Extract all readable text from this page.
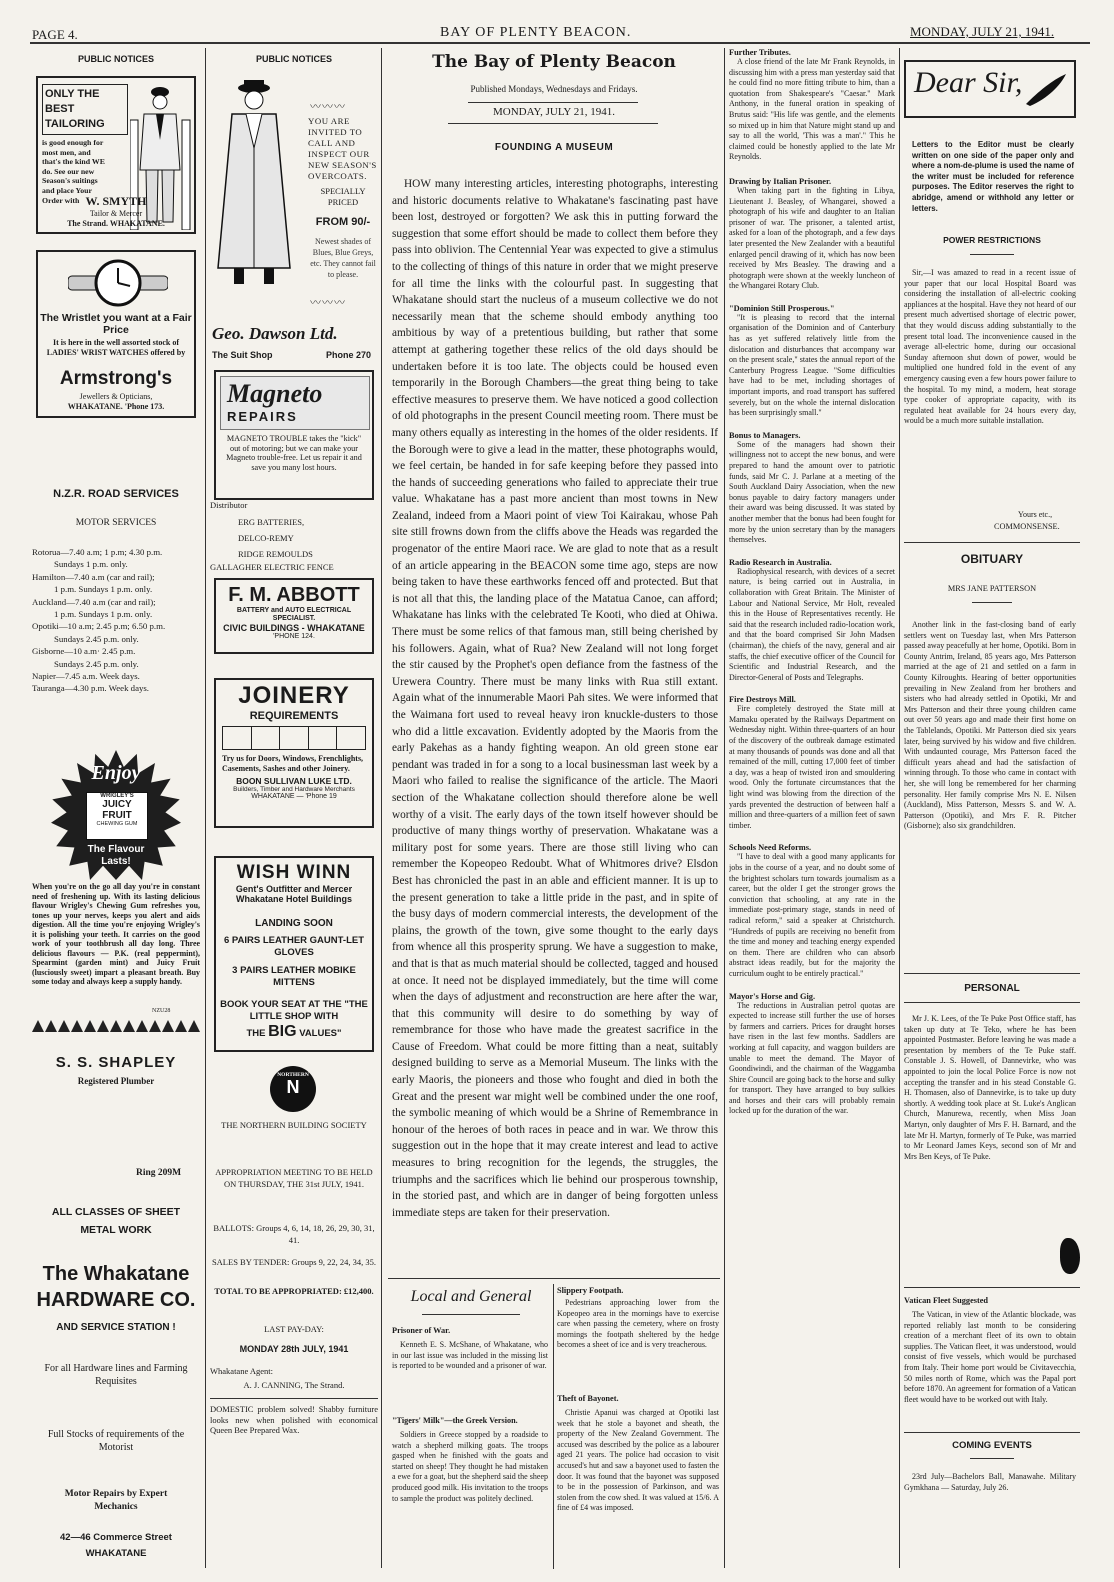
PAGE 4.	BAY OF PLENTY BEACON.	MONDAY, JULY 21, 1941.
PUBLIC NOTICES
ONLY THE
BEST
TAILORING
is good enough for most men, and that's the kind WE do. See our new Season's suitings and place Your Order with W. SMYTH
Tailor & Mercer
The Strand. WHAKATANE.
The Wristlet you want at a Fair Price
It is here in the well assorted stock of LADIES' WRIST WATCHES offered by
Armstrong's
Jewellers & Opticians,
WHAKATANE. 'Phone 173.
N.Z.R. ROAD SERVICES
MOTOR SERVICES
Rotorua—7.40 a.m; 1 p.m; 4.30 p.m.
Sundays 1 p.m. only.
Hamilton—7.40 a.m (car and rail);
1 p.m. Sundays 1 p.m. only.
Auckland—7.40 a.m (car and rail);
1 p.m. Sundays 1 p.m. only.
Opotiki—10 a.m; 2.45 p.m; 6.50 p.m.
Sundays 2.45 p.m. only.
Gisborne—10 a.m· 2.45 p.m.
Sundays 2.45 p.m. only.
Napier—7.45 a.m. Week days.
Tauranga—4.30 p.m. Week days.
Enjoy
WRIGLEY'S
JUICY FRUIT
CHEWING GUM
The Flavour Lasts!
When you're on the go all day you're in constant need of freshening up. With its lasting delicious flavour Wrigley's Chewing Gum refreshes you, tones up your nerves, keeps you alert and aids digestion. All the time you're enjoying Wrigley's it is polishing your teeth. It carries on the good work of your toothbrush all day long. Three delicious flavours — P.K. (real peppermint), Spearmint (garden mint) and Juicy Fruit (lusciously sweet) impart a pleasant breath. Buy some today and always keep a supply handy.
NZU28
S. S. SHAPLEY
Registered Plumber
Ring 209M
ALL CLASSES OF SHEET
METAL WORK
The Whakatane
HARDWARE CO.
AND SERVICE STATION !
For all Hardware lines and Farming Requisites
Full Stocks of requirements of the Motorist
Motor Repairs by Expert Mechanics
42—46 Commerce Street
WHAKATANE
PUBLIC NOTICES
〰〰〰
YOU ARE INVITED TO CALL AND INSPECT OUR NEW SEASON'S OVERCOATS.
SPECIALLY PRICED
FROM 90/-
Newest shades of Blues, Blue Greys, etc. They cannot fail to please.
〰〰〰
Geo. Dawson Ltd.
The Suit Shop	Phone 270
Magneto
REPAIRS
MAGNETO TROUBLE takes the "kick" out of motoring; but we can make your Magneto trouble-free. Let us repair it and save you many lost hours.
Distributor
ERG BATTERIES,
DELCO-REMY
RIDGE REMOULDS
GALLAGHER ELECTRIC FENCE
F. M. ABBOTT
BATTERY and AUTO ELECTRICAL SPECIALIST.
CIVIC BUILDINGS - WHAKATANE
'PHONE 124.
JOINERY
REQUIREMENTS
Try us for Doors, Windows, Frenchlights, Casements, Sashes and other Joinery.
BOON SULLIVAN LUKE LTD.
Builders, Timber and Hardware Merchants
WHAKATANE — 'Phone 19
WISH WINN
Gent's Outfitter and Mercer
Whakatane Hotel Buildings
LANDING SOON
6 PAIRS LEATHER GAUNT-LET GLOVES
3 PAIRS LEATHER MOBIKE MITTENS
BOOK YOUR SEAT AT THE "THE LITTLE SHOP WITH
THE BIG VALUES"
NORTHERN
N
THE NORTHERN BUILDING SOCIETY
APPROPRIATION MEETING TO BE HELD ON THURSDAY, THE 31st JULY, 1941.
BALLOTS: Groups 4, 6, 14, 18, 26, 29, 30, 31, 41.
SALES BY TENDER: Groups 9, 22, 24, 34, 35.
TOTAL TO BE APPROPRIATED: £12,400.
LAST PAY-DAY:
MONDAY 28th JULY, 1941
Whakatane Agent:
A. J. CANNING, The Strand.
DOMESTIC problem solved! Shabby furniture looks new when polished with economical Queen Bee Prepared Wax.
The Bay of Plenty Beacon
Published Mondays, Wednesdays and Fridays.
MONDAY, JULY 21, 1941.
FOUNDING A MUSEUM
HOW many interesting articles, interesting photographs, interesting and historic documents relative to Whakatane's fascinating past have been lost, destroyed or forgotten? We ask this in putting forward the suggestion that some effort should be made to collect them before they pass into oblivion. The Centennial Year was expected to give a stimulus to the collecting of things of this nature in order that we might preserve for all time the links with the colourful past. In suggesting that Whakatane should start the nucleus of a museum collective we do not necessarily mean that the scheme should embody anything too ambitious by way of a pretentious building, but rather that some attempt at gathering together these relics of the old days should be undertaken before it is too late. The objects could be housed even temporarily in the Borough Chambers—the great thing being to take effective measures to preserve them. We have noticed a good collection of old photographs in the present Council meeting room. There must be many others equally as interesting in the homes of the older residents. If the Borough were to give a lead in the matter, these photographs would, we feel certain, be handed in for safe keeping before they passed into the hands of succeeding generations who failed to appreciate their true value. Whakatane has a past more ancient than most towns in New Zealand, indeed from a Maori point of view Toi Kairakau, whose Pah site still frowns down from the cliffs above the Heads was regarded the progenator of the entire Maori race. We are glad to note that as a result of an article appearing in the BEACON some time ago, steps are now being taken to have these earthworks fenced off and protected. But that is not all that this, the landing place of the Matatua Canoe, can afford; Whakatane has links with the celebrated Te Kooti, who died at Ohiwa. There must be some relics of that famous man, still being cherished by his followers. Again, what of Rua? New Zealand will not long forget the stir caused by the Prophet's open defiance from the fastness of the Urewera Country. There must be many links with Rua still extant. Again what of the innumerable Maori Pah sites. We were informed that the Waimana fort used to reveal heavy iron knuckle-dusters to those who did a little excavation. Evidently adopted by the Maoris from the early Pakehas as a handy fighting weapon. An old green stone ear pendant was traded in for a song to a local businessman last week by a Maori who failed to realise the significance of the article. The Maori section of the Whakatane collection should therefore alone be well worthy of a visit. The early days of the town itself however should be productive of many things worthy of preservation. Whakatane was a military post for some years. There are those still living who can remember the Kopeopeo Redoubt. What of Whitmores drive? Elsdon Best has chronicled the past in an able and efficient manner. It is up to the present generation to take a little pride in the past, and in spite of the busy days of modern commercial interests, the development of the plains, the growth of the town, give some thought to the early days from whence all this prosperity sprung. We have a suggestion to make, and that is that as much material should be collected, tagged and housed at once. It need not be displayed immediately, but the time will come when the days of adjustment and reconstruction are here after the war, that this community will desire to do something by way of remembrance for those who have made the greatest sacrifice in the Cause of Freedom. What could be more fitting than a neat, suitably designed building to serve as a Memorial Museum. The links with the early Maoris, the pioneers and those who fought and died in both the Great and the present war might well be combined under the one roof, the symbolic meaning of which would be a Shrine of Remembrance in honour of the heroes of both races in peace and in war. We throw this suggestion out in the hope that it may create interest and lead to active measures to bring recognition for the legends, the struggles, the triumphs and the sacrifices which lie behind our prosperous township, in the storied past, and which are in danger of being forgotten unless immediate steps are taken for their preservation.
Local and General
Prisoner of War.
Kenneth E. S. McShane, of Whakatane, who in our last issue was included in the missing list is reported to be wounded and a prisoner of war.
"Tigers' Milk"—the Greek Version.
Soldiers in Greece stopped by a roadside to watch a shepherd milking goats. The troops gasped when he finished with the goats and started on sheep! They thought he had mistaken a ewe for a goat, but the shepherd said the sheep produced good milk. His invitation to the troops to sample the product was politely declined.
Slippery Footpath.
Pedestrians approaching lower from the Kopeopeo area in the mornings have to exercise care when passing the cemetery, where on frosty mornings the footpath sheltered by the hedge becomes a sheet of ice and is very treacherous.
Theft of Bayonet.
Christie Apanui was charged at Opotiki last week that he stole a bayonet and sheath, the property of the New Zealand Government. The accused was described by the police as a labourer aged 21 years. The police had occasion to visit accused's hut and saw a bayonet used to fasten the door. It was found that the bayonet was supposed to be in the possession of Parkinson, and was stolen from the cow shed. It was valued at 15/6. A fine of £4 was imposed.
Further Tributes.
A close friend of the late Mr Frank Reynolds, in discussing him with a press man yesterday said that he could find no more fitting tribute to him, than a quotation from Shakespeare's "Caesar." Mark Anthony, in the funeral oration in speaking of Brutus said: "His life was gentle, and the elements so mixed up in him that Nature might stand up and say to all the world, 'This was a man'." This he claimed could be honestly applied to the late Mr Reynolds.
Drawing by Italian Prisoner.
When taking part in the fighting in Libya, Lieutenant J. Beasley, of Whangarei, showed a photograph of his wife and daughter to an Italian prisoner of war. The prisoner, a talented artist, asked for a loan of the photograph, and a few days later presented the New Zealander with a beautiful enlarged pencil drawing of it, which has now been received by Mrs Beasley. The drawing and a photograph were shown at the weekly luncheon of the Whangarei Rotary Club.
"Dominion Still Prosperous."
"It is pleasing to record that the internal organisation of the Dominion and of Canterbury has as yet suffered relatively little from the dislocation and disturbances that accompany war on the present scale," states the annual report of the Canterbury Progress League. "Some difficulties have had to be met, including shortages of important imports, and road transport has suffered severely, but on the whole the internal dislocation has been surprisingly small."
Bonus to Managers.
Some of the managers had shown their willingness not to accept the new bonus, and were prepared to hand the amount over to patriotic funds, said Mr C. J. Parlane at a meeting of the South Auckland Dairy Association, when the new bonus payable to dairy factory managers under their award was being discussed. It was stated by another member that the bonus had been fought for more by the union secretary than by the managers themselves.
Radio Research in Australia.
Radiophysical research, with devices of a secret nature, is being carried out in Australia, in collaboration with Great Britain. The Minister of Labour and National Service, Mr Holt, revealed this in the House of Representatives recently. He said that the research included radio-location work, and that the board comprised Sir John Madsen (chairman), the chiefs of the navy, general and air staffs, the chief executive officer of the Council for Scientific and Industrial Research, and the Director-General of Posts and Telegraphs.
Fire Destroys Mill.
Fire completely destroyed the State mill at Mamaku operated by the Railways Department on Wednesday night. Within three-quarters of an hour of the discovery of the outbreak damage estimated at many thousands of pounds was done and all that remained of the mill, cutting 17,000 feet of timber a day, was a heap of twisted iron and smouldering wood. Only the fortunate circumstances that the light wind was blowing from the direction of the yards prevented the destruction of between half a million and three-quarters of a million feet of sawn timber.
Schools Need Reforms.
"I have to deal with a good many applicants for jobs in the course of a year, and no doubt some of the brightest scholars turn towards journalism as a career, but the older I get the stronger grows the conviction that schooling, at any rate in the immediate post-primary stage, stands in need of radical reform," said a speaker at Christchurch. "Hundreds of pupils are receiving no benefit from the time and money and teaching energy expended on them. There are children who can absorb abstract ideas readily, but for the majority the curriculum ought to be entirely practical."
Mayor's Horse and Gig.
The reductions in Australian petrol quotas are expected to increase still further the use of horses by farmers and carriers. Prices for draught horses have risen in the last few months. Saddlers are working at full capacity, and waggon builders are unable to meet the demand. The Mayor of Goondiwindi, and the chairman of the Waggamba Shire Council are going back to the horse and sulky for transport. They have arranged to buy sulkies and horses and their cars will probably remain locked up for the duration of the war.
Dear Sir,
Letters to the Editor must be clearly written on one side of the paper only and where a nom-de-plume is used the name of the writer must be included for reference purposes. The Editor reserves the right to abridge, amend or withhold any letter or letters.
POWER RESTRICTIONS
Sir,—I was amazed to read in a recent issue of your paper that our local Hospital Board was considering the installation of all-electric cooking appliances at the hospital. Have they not heard of our present much advertised shortage of electric power, that they would discuss adding substantially to the present total load. The inconvenience caused in the average all-electric home, during our occasional Sunday afternoon shut down of power, would be multiplied one hundred fold in the event of any emergency causing even a few hours power failure to the hospital. To my mind, a modern, heat storage type cooker of appropriate capacity, with its regulated heat available for 24 hours every day, would be a much more suitable installation.
Yours etc.,
COMMONSENSE.
OBITUARY
MRS JANE PATTERSON
Another link in the fast-closing band of early settlers went on Tuesday last, when Mrs Patterson passed away peacefully at her home, Opotiki. Born in County Antrim, Ireland, 85 years ago, Mrs Patterson married at the age of 21 and settled on a farm in County Kilroughts. Hearing of better opportunities prevailing in New Zealand from her brothers and sisters who had already settled in Opotiki, Mr and Mrs Patterson and their three young children came out over 50 years ago and made their first home on the Tablelands, Opotiki. Mr Patterson died six years later, being survived by his widow and five children. With undaunted courage, Mrs Patterson faced the difficult years ahead and had the satisfaction of winning through. To those who came in contact with her, she will long be remembered for her charming personality. Her family comprise Mrs N. E. Nilsen (Auckland), Miss Patterson, Messrs S. and W. A. Patterson (Opotiki), and Mrs F. R. Pitcher (Gisborne); also six grandchildren.
PERSONAL
Mr J. K. Lees, of the Te Puke Post Office staff, has taken up duty at Te Teko, where he has been appointed Postmaster. Before leaving he was made a presentation by members of the Te Puke staff. Constable J. S. Howell, of Dannevirke, who was appointed to join the local Police Force is now not accepting the transfer and in his stead Constable G. H. Thomasen, also of Dannevirke, is to take up duty shortly. A wedding took place at St. Luke's Anglican Church, Manurewa, recently, when Miss Joan Martyn, only daughter of Mrs F. H. Barnard, and the late Mr H. Martyn, formerly of Te Puke, was married to Mr Leonard James Keys, second son of Mr and Mrs Ben Keys, of Te Puke.
Vatican Fleet Suggested
The Vatican, in view of the Atlantic blockade, was reported reliably last month to be considering creation of a merchant fleet of its own to obtain supplies. The Vatican fleet, it was understood, would consist of five vessels, which would be purchased from Italy. Their home port would be Civitavecchia, 50 miles north of Rome, which was the Papal port before 1870. An agreement for formation of a Vatican fleet would have to be worked out with Italy.
COMING EVENTS
23rd July—Bachelors Ball, Manawahe. Military Gymkhana — Saturday, July 26.
